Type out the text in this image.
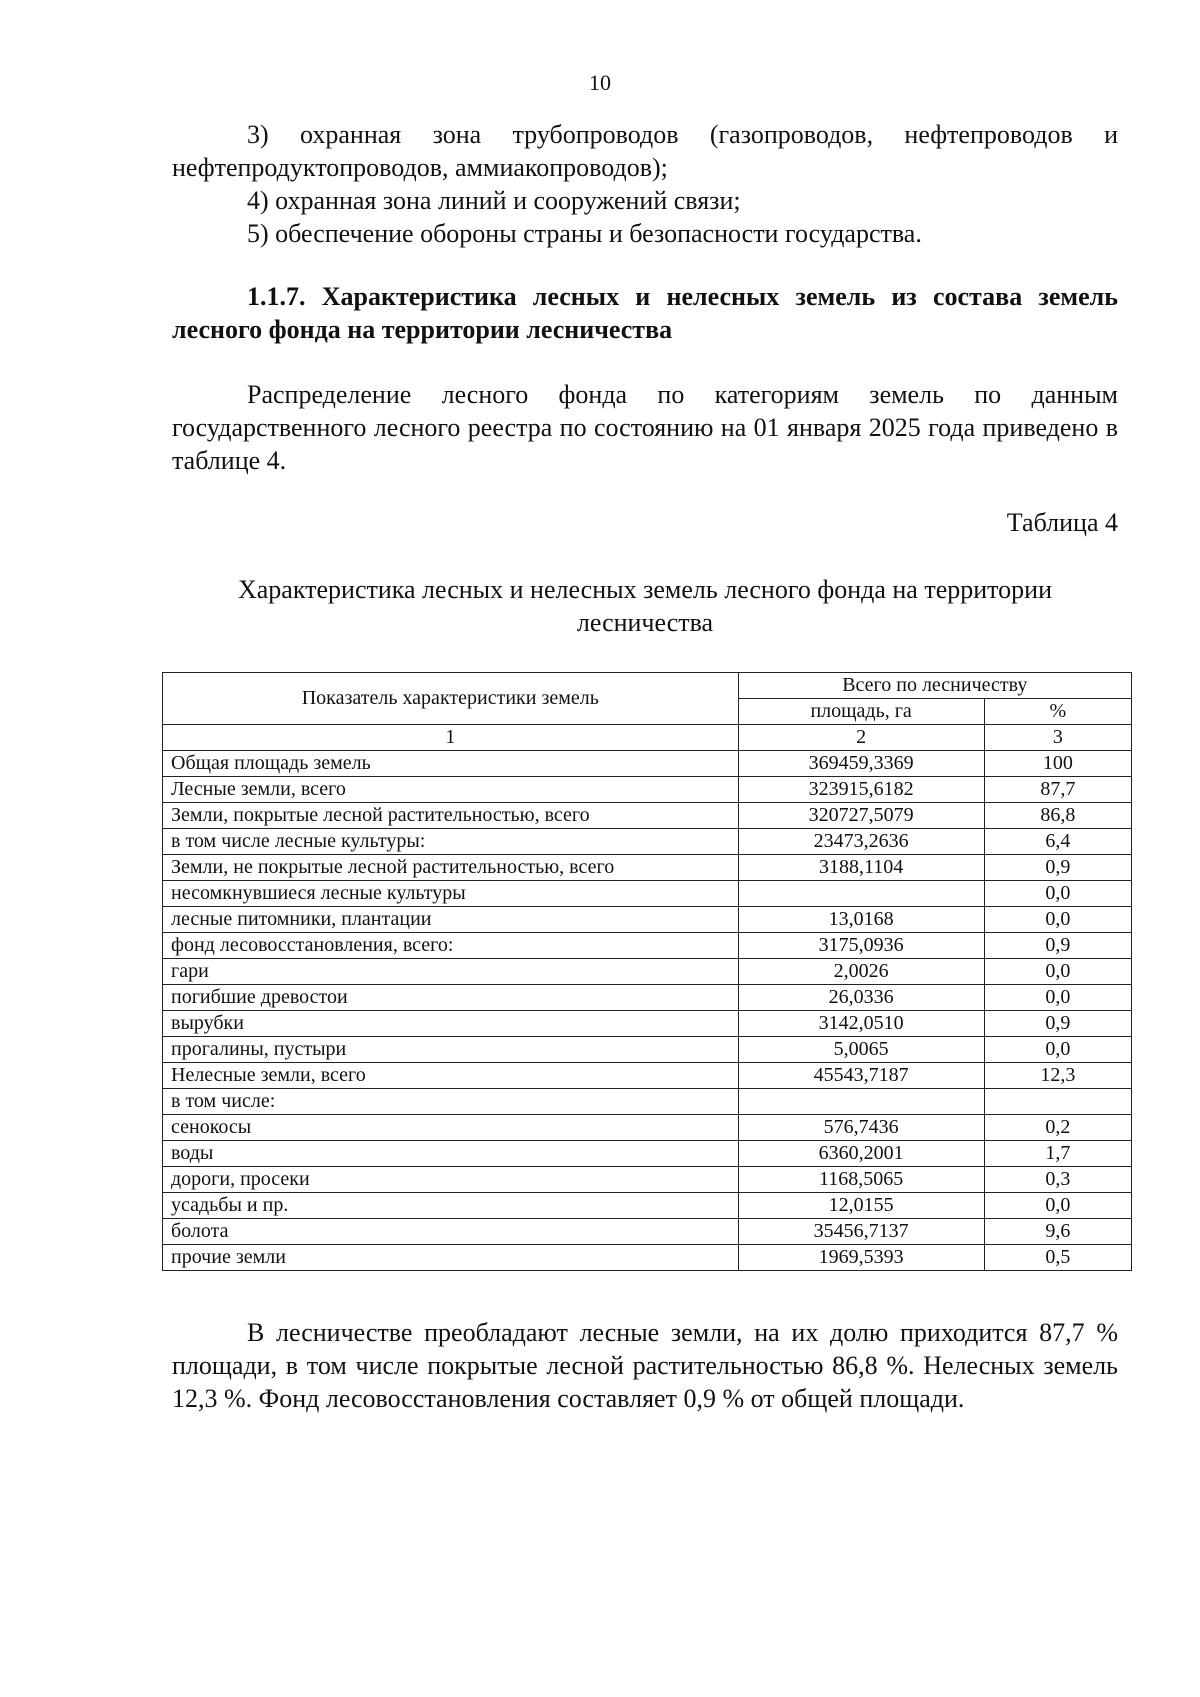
10

3) охранная зона трубопроводов (газопроводов, нефтепроводов и нефтепродуктопроводов, аммиакопроводов);

4) охранная зона линий и сооружений связи;

5) обеспечение обороны страны и безопасности государства.

1.1.7. Характеристика лесных и нелесных земель из состава земель лесного фонда на территории лесничества

Распределение лесного фонда по категориям земель по данным государственного лесного реестра по состоянию на 01 января 2025 года приведено в таблице 4.

Таблица 4
Характеристика лесных и нелесных земель лесного фонда на территории лесничества
Показатель характеристики земель	Всего по лесничеству	
	площадь, га	%
1	2	3
Общая площадь земель	369459,3369	100
Лесные земли, всего	323915,6182	87,7
Земли, покрытые лесной растительностью, всего	320727,5079	86,8
в том числе лесные культуры:	23473,2636	6,4
Земли, не покрытые лесной растительностью, всего	3188,1104	0,9
несомкнувшиеся лесные культуры		0,0
лесные питомники, плантации	13,0168	0,0
фонд лесовосстановления, всего:	3175,0936	0,9
гари	2,0026	0,0
погибшие древостои	26,0336	0,0
вырубки	3142,0510	0,9
прогалины, пустыри	5,0065	0,0
Нелесные земли, всего	45543,7187	12,3
в том числе:		
сенокосы	576,7436	0,2
воды	6360,2001	1,7
дороги, просеки	1168,5065	0,3
усадьбы и пр.	12,0155	0,0
болота	35456,7137	9,6
прочие земли	1969,5393	0,5

В лесничестве преобладают лесные земли, на их долю приходится 87,7 % площади, в том числе покрытые лесной растительностью 86,8 %. Нелесных земель 12,3 %. Фонд лесовосстановления составляет 0,9 % от общей площади.
